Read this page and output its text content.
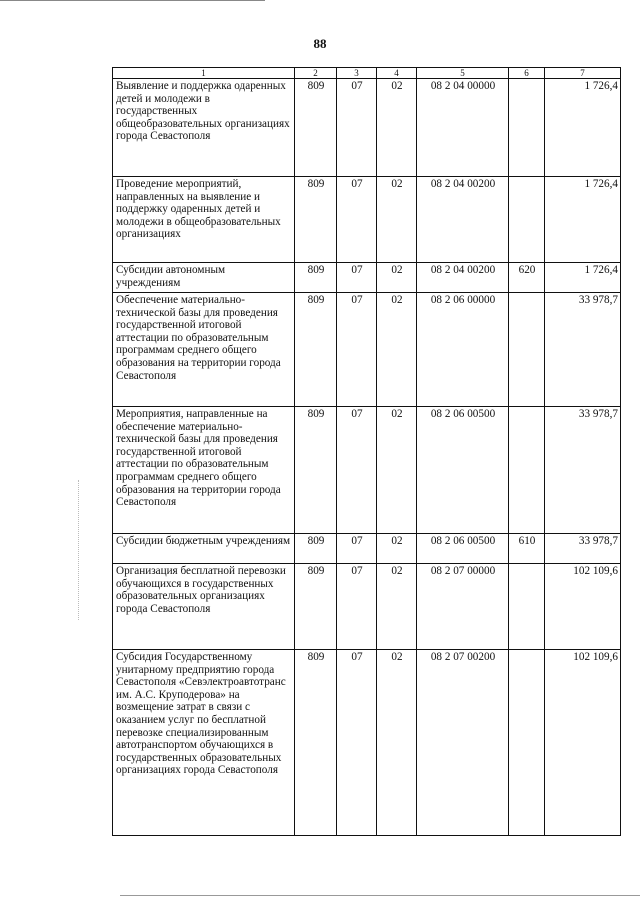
88
1	2	3	4	5	6	7
Выявление и поддержка одаренных детей и молодежи в государственных общеобразовательных организациях города Севастополя	809	07	02	08 2 04 00000		1 726,4
Проведение мероприятий, направленных на выявление и поддержку одаренных детей и молодежи в общеобразовательных организациях	809	07	02	08 2 04 00200		1 726,4
Субсидии автономным учреждениям	809	07	02	08 2 04 00200	620	1 726,4
Обеспечение материально-технической базы для проведения государственной итоговой аттестации по образовательным программам среднего общего образования на территории города Севастополя	809	07	02	08 2 06 00000		33 978,7
Мероприятия, направленные на обеспечение материально-технической базы для проведения государственной итоговой аттестации по образовательным программам среднего общего образования на территории города Севастополя	809	07	02	08 2 06 00500		33 978,7
Субсидии бюджетным учреждениям	809	07	02	08 2 06 00500	610	33 978,7
Организация бесплатной перевозки обучающихся в государственных образовательных организациях города Севастополя	809	07	02	08 2 07 00000		102 109,6
Субсидия Государственному унитарному предприятию города Севастополя «Севэлектроавтотранс им. А.С. Круподерова» на возмещение затрат в связи с оказанием услуг по бесплатной перевозке специализированным автотранспортом обучающихся в государственных образовательных организациях города Севастополя	809	07	02	08 2 07 00200		102 109,6
